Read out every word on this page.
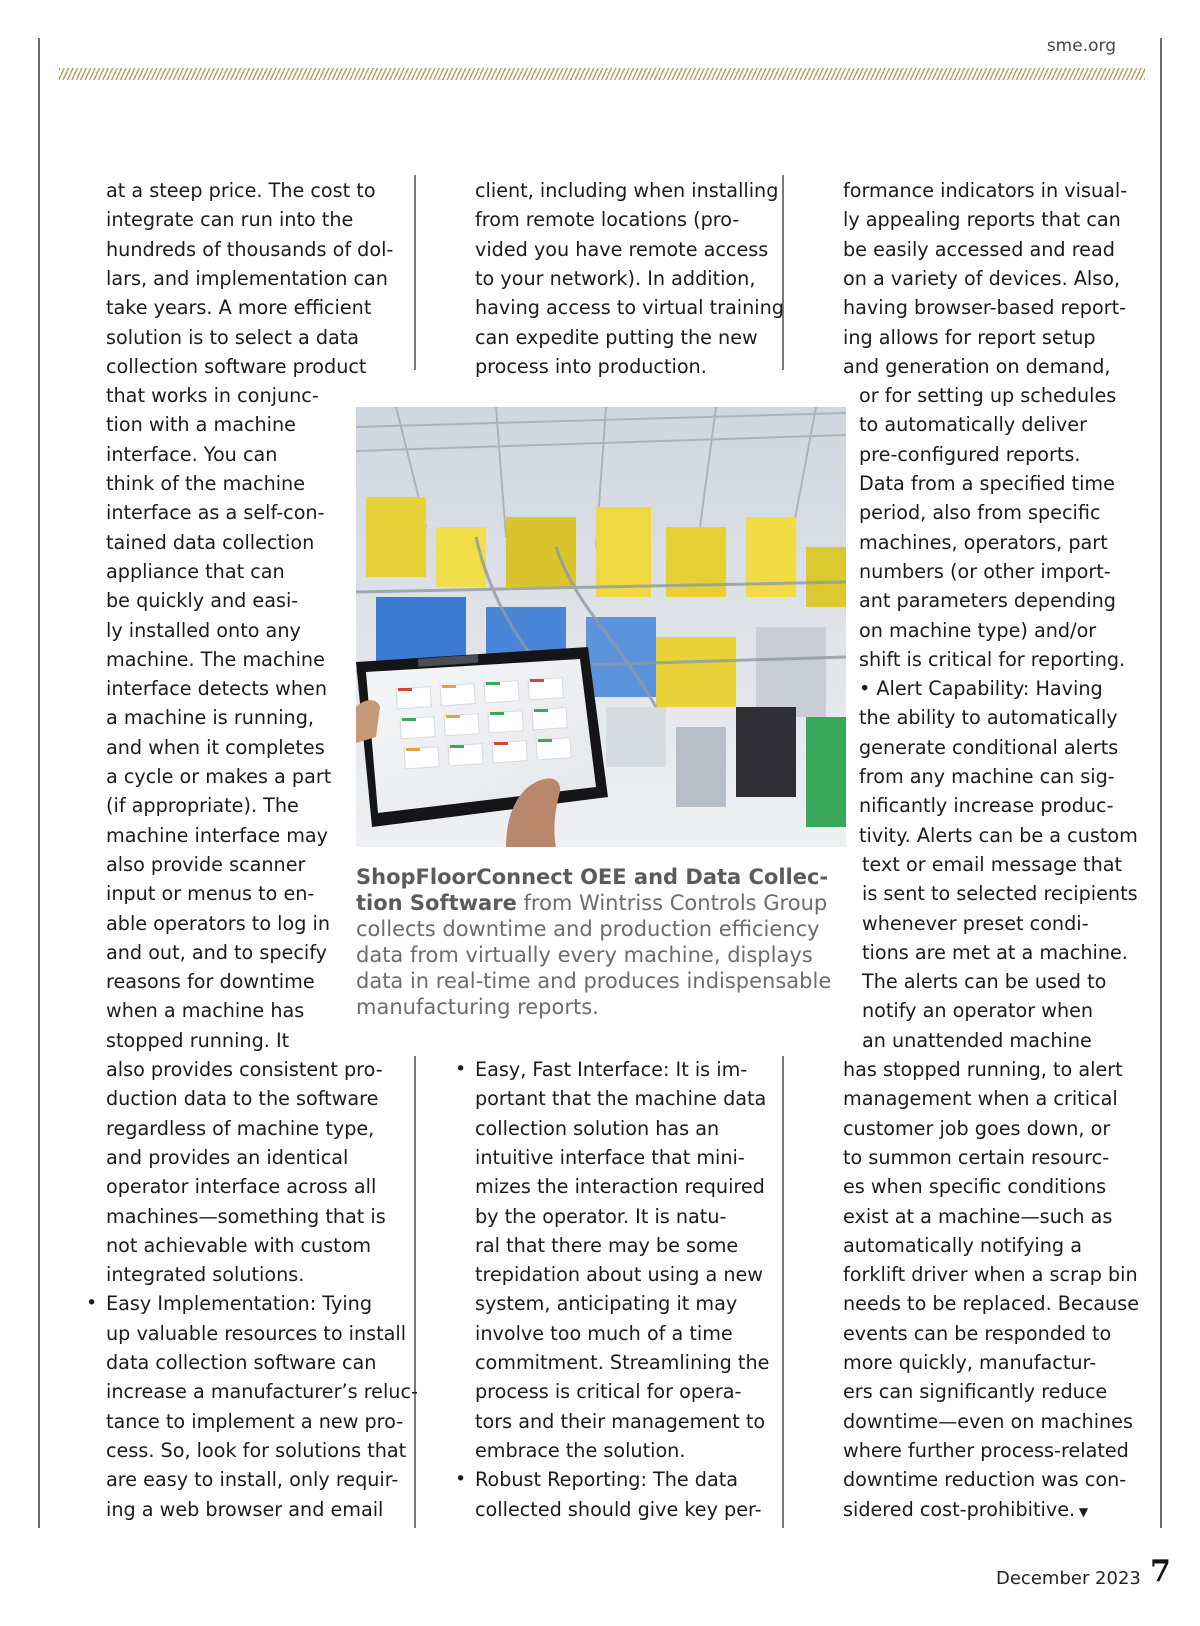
sme.org
at a steep price. The cost to
integrate can run into the
hundreds of thousands of dol-
lars, and implementation can
take years. A more efficient
solution is to select a data
collection software product
that works in conjunc-
tion with a machine
interface. You can
think of the machine
interface as a self-con-
tained data collection
appliance that can
be quickly and easi-
ly installed onto any
machine. The machine
interface detects when
a machine is running,
and when it completes
a cycle or makes a part
(if appropriate). The
machine interface may
also provide scanner
input or menus to en-
able operators to log in
and out, and to specify
reasons for downtime
when a machine has
stopped running. It
also provides consistent pro-
duction data to the software
regardless of machine type,
and provides an identical
operator interface across all
machines—something that is
not achievable with custom
integrated solutions.
Easy Implementation: Tying
up valuable resources to install
data collection software can
increase a manufacturer’s reluc-
tance to implement a new pro-
cess. So, look for solutions that
are easy to install, only requir-
ing a web browser and email
•
client, including when installing
from remote locations (pro-
vided you have remote access
to your network). In addition,
having access to virtual training
can expedite putting the new
process into production.
Easy, Fast Interface: It is im-
portant that the machine data
collection solution has an
intuitive interface that mini-
mizes the interaction required
by the operator. It is natu-
ral that there may be some
trepidation about using a new
system, anticipating it may
involve too much of a time
commitment. Streamlining the
process is critical for opera-
tors and their management to
embrace the solution.
Robust Reporting: The data
collected should give key per-
•
•
formance indicators in visual-
ly appealing reports that can
be easily accessed and read
on a variety of devices. Also,
having browser-based report-
ing allows for report setup
and generation on demand,
or for setting up schedules
to automatically deliver
pre-configured reports.
Data from a specified time
period, also from specific
machines, operators, part
numbers (or other import-
ant parameters depending
on machine type) and/or
shift is critical for reporting.
• Alert Capability: Having
the ability to automatically
generate conditional alerts
from any machine can sig-
nificantly increase produc-
tivity. Alerts can be a custom
text or email message that
is sent to selected recipients
whenever preset condi-
tions are met at a machine.
The alerts can be used to
notify an operator when
an unattended machine
has stopped running, to alert
management when a critical
customer job goes down, or
to summon certain resourc-
es when specific conditions
exist at a machine—such as
automatically notifying a
forklift driver when a scrap bin
needs to be replaced. Because
events can be responded to
more quickly, manufactur-
ers can significantly reduce
downtime—even on machines
where further process-related
downtime reduction was con-
sidered cost-prohibitive. ▼
ShopFloorConnect OEE and Data Collec- tion Software from Wintriss Controls Group collects downtime and production efficiency data from virtually every machine, displays data in real-time and produces indispensable manufacturing reports.
December 2023 7
